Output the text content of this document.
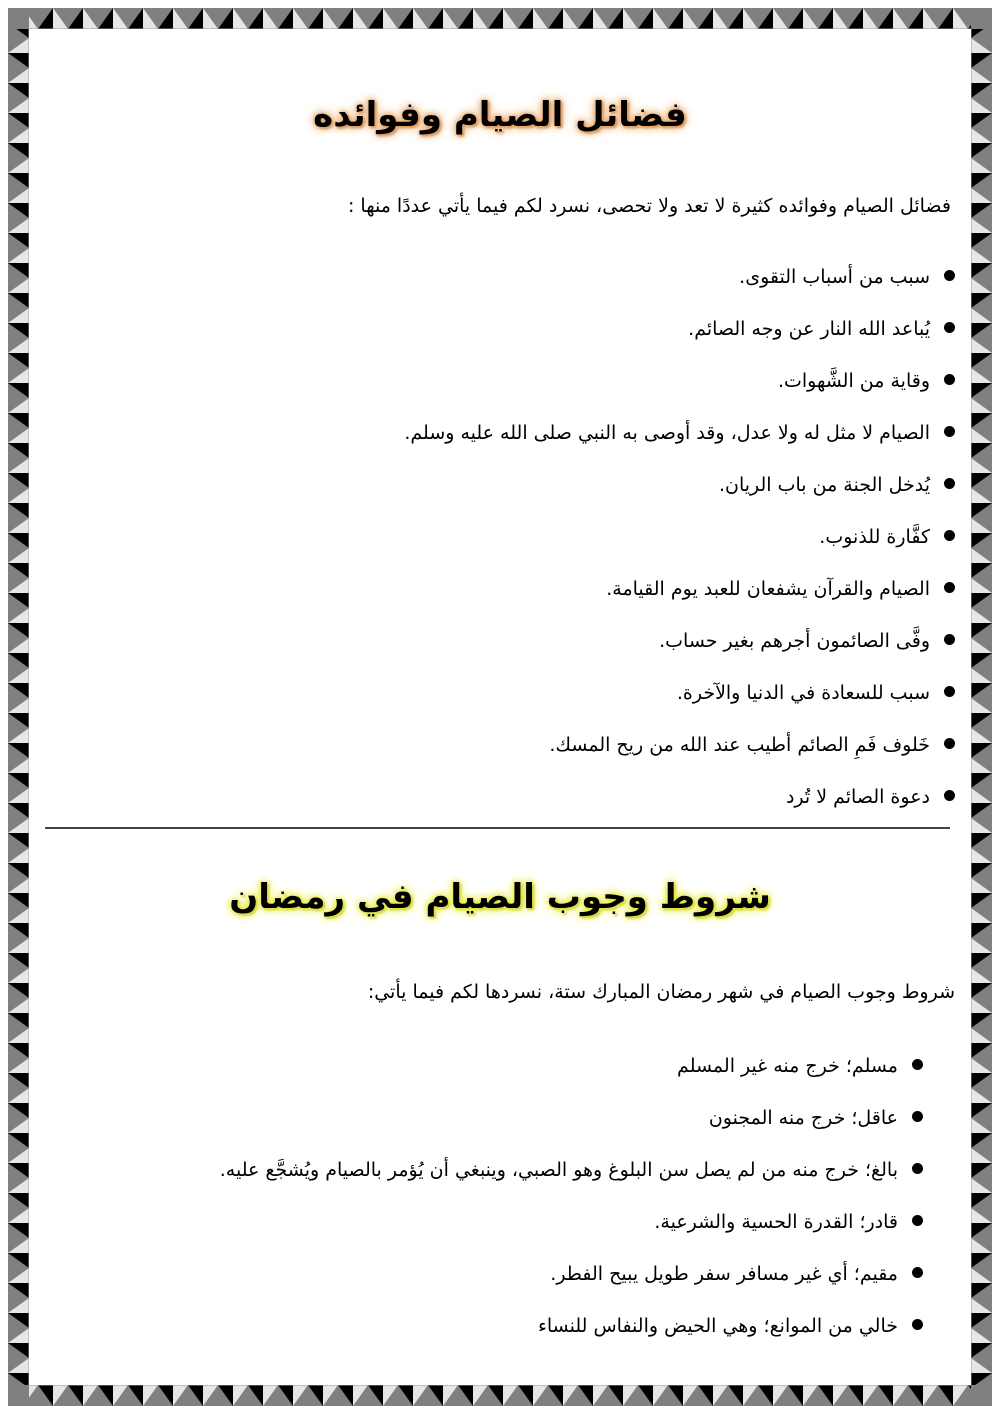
فضائل الصيام وفوائده
فضائل الصيام وفوائده كثيرة لا تعد ولا تحصى، نسرد لكم فيما يأتي عددًا منها :
سبب من أسباب التقوى.
يُباعد الله النار عن وجه الصائم.
وقاية من الشَّهوات.
الصيام لا مثل له ولا عدل، وقد أوصى به النبي صلى الله عليه وسلم.
يُدخل الجنة من باب الريان.
كفَّارة للذنوب.
الصيام والقرآن يشفعان للعبد يوم القيامة.
وفَّى الصائمون أجرهم بغير حساب.
سبب للسعادة في الدنيا والآخرة.
خَلوف فَمِ الصائم أطيب عند الله من ريح المسك.
دعوة الصائم لا تُرد
شروط وجوب الصيام في رمضان
شروط وجوب الصيام في شهر رمضان المبارك ستة، نسردها لكم فيما يأتي:
مسلم؛ خرج منه غير المسلم
عاقل؛ خرج منه المجنون
بالغ؛ خرج منه من لم يصل سن البلوغ وهو الصبي، وينبغي أن يُؤمر بالصيام ويُشجَّع عليه.
قادر؛ القدرة الحسية والشرعية.
مقيم؛ أي غير مسافر سفر طويل يبيح الفطر.
خالي من الموانع؛ وهي الحيض والنفاس للنساء
